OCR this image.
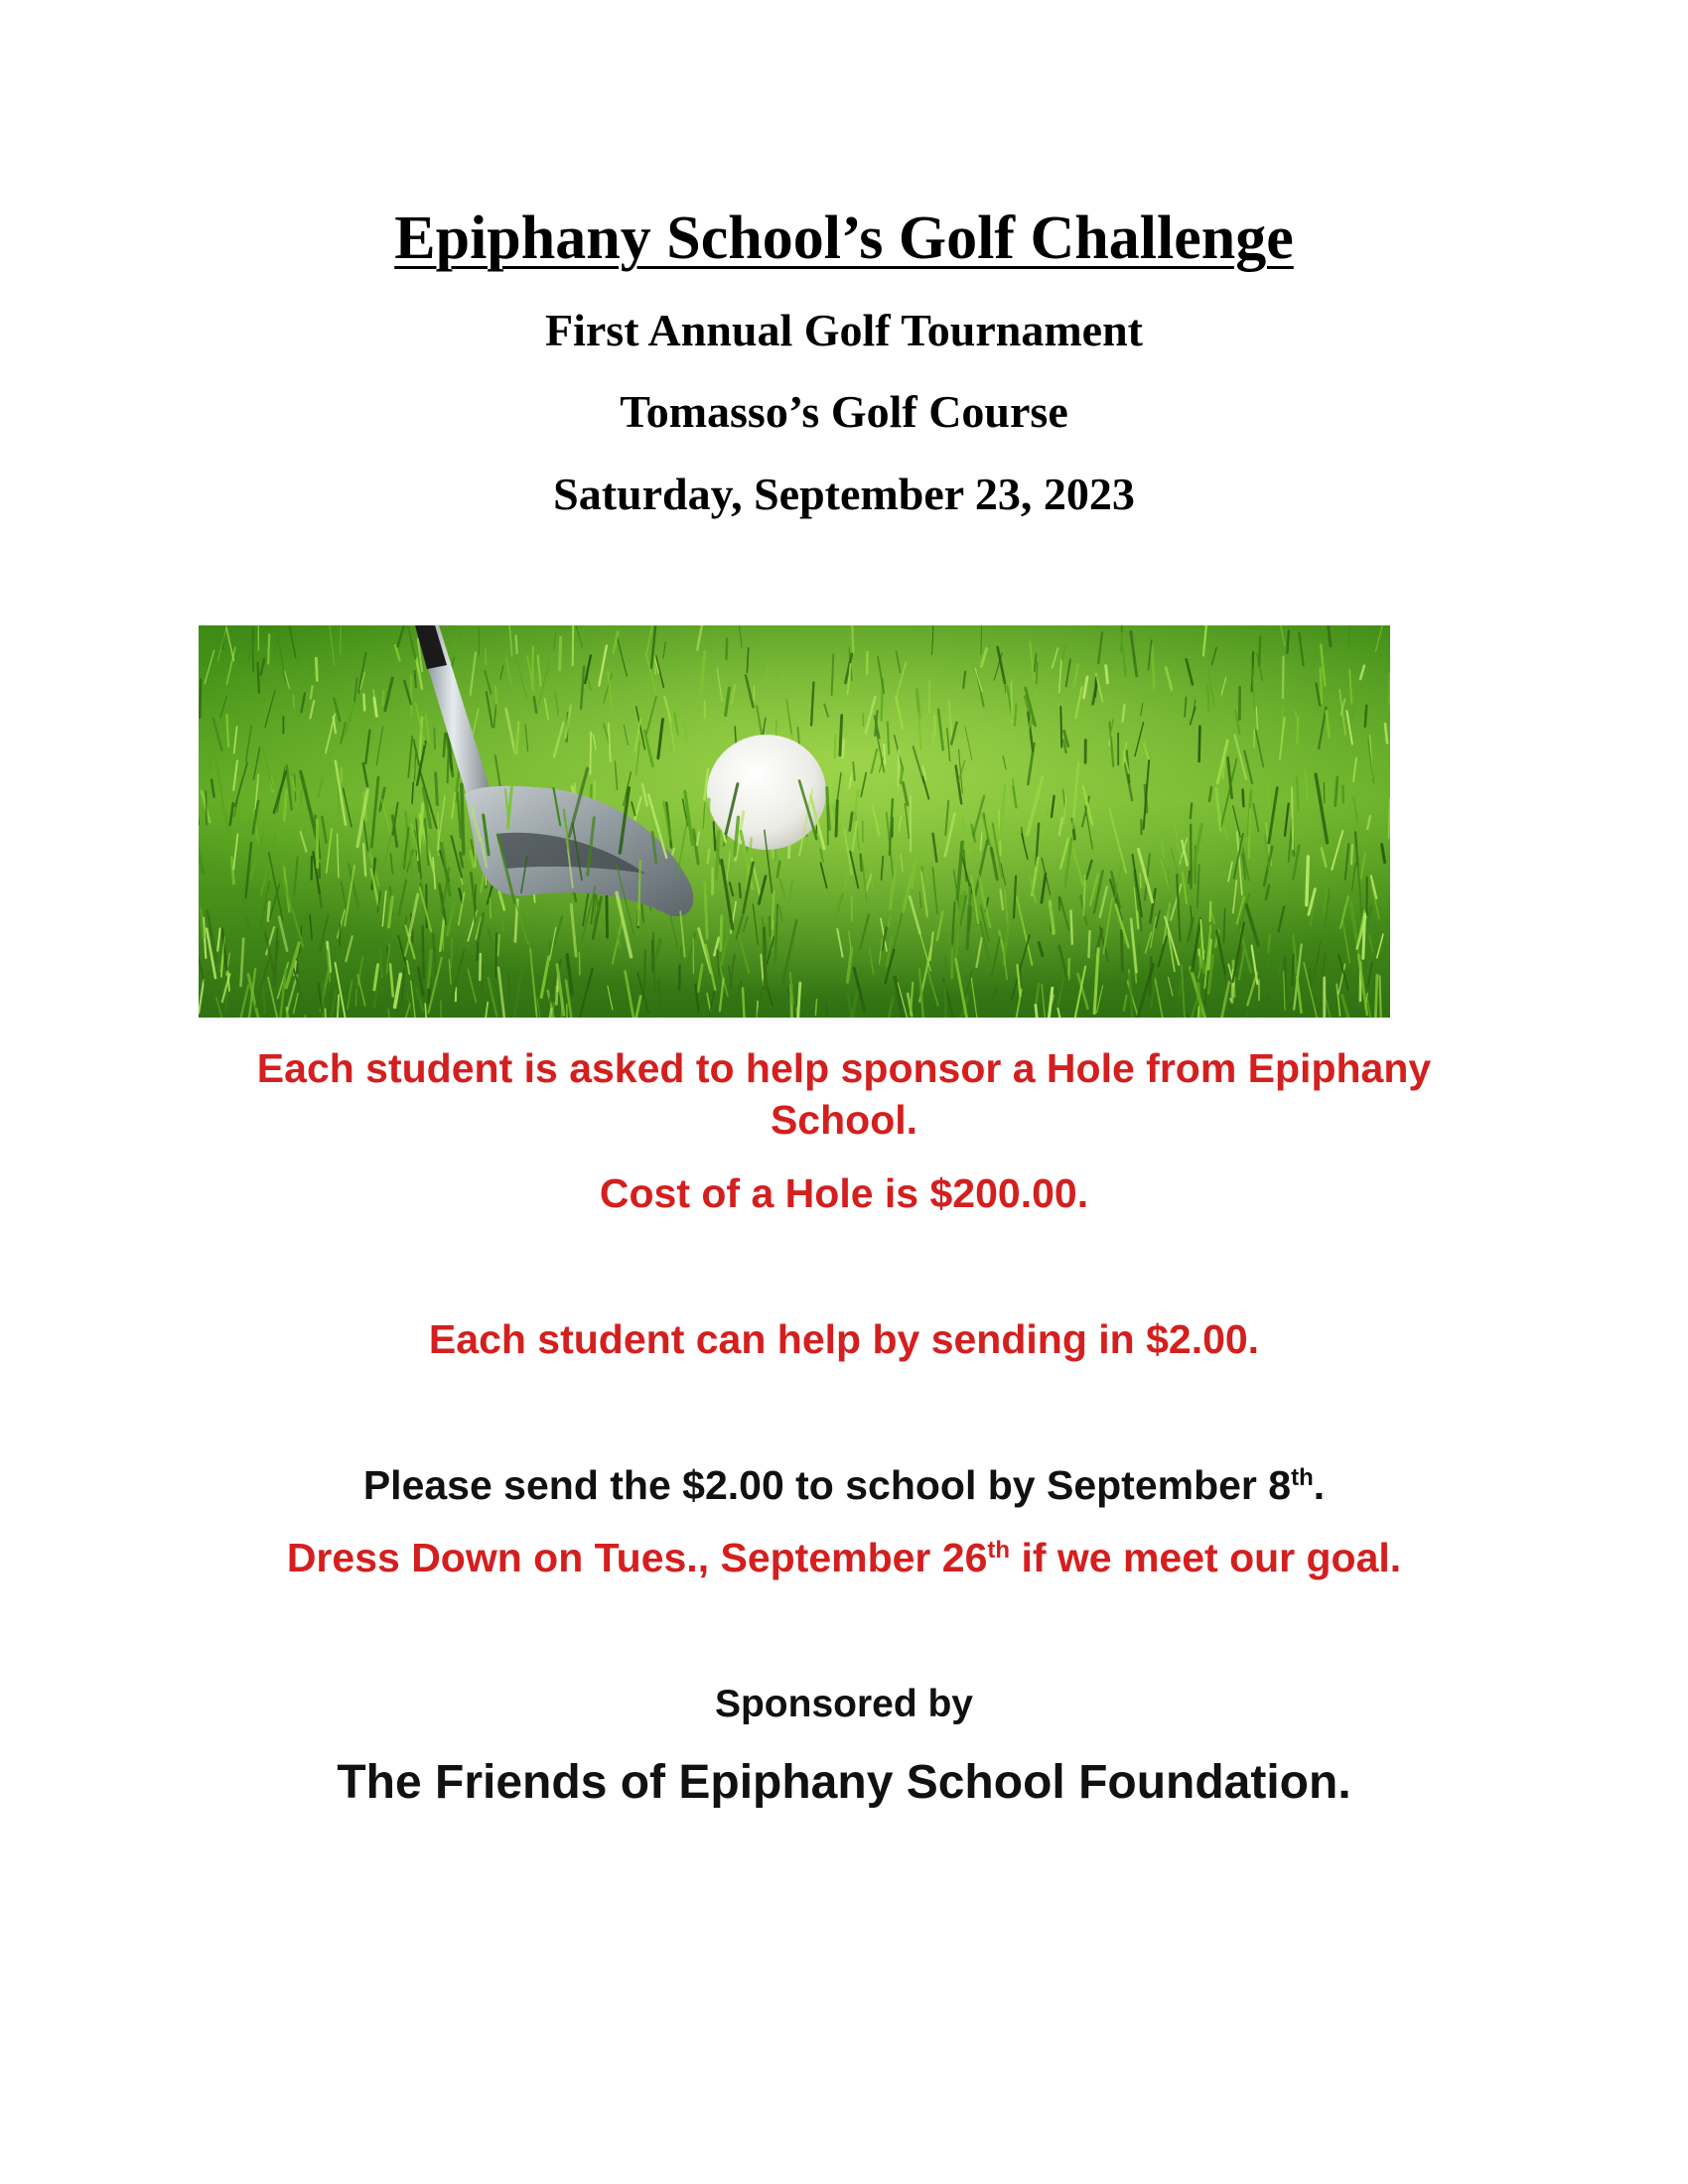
Epiphany School’s Golf Challenge
First Annual Golf Tournament
Tomasso’s Golf Course
Saturday, September 23, 2023
Each student is asked to help sponsor a Hole from Epiphany School.
Cost of a Hole is $200.00.
Each student can help by sending in $2.00.
Please send the $2.00 to school by September 8th.
Dress Down on Tues., September 26th if we meet our goal.
Sponsored by
The Friends of Epiphany School Foundation.
